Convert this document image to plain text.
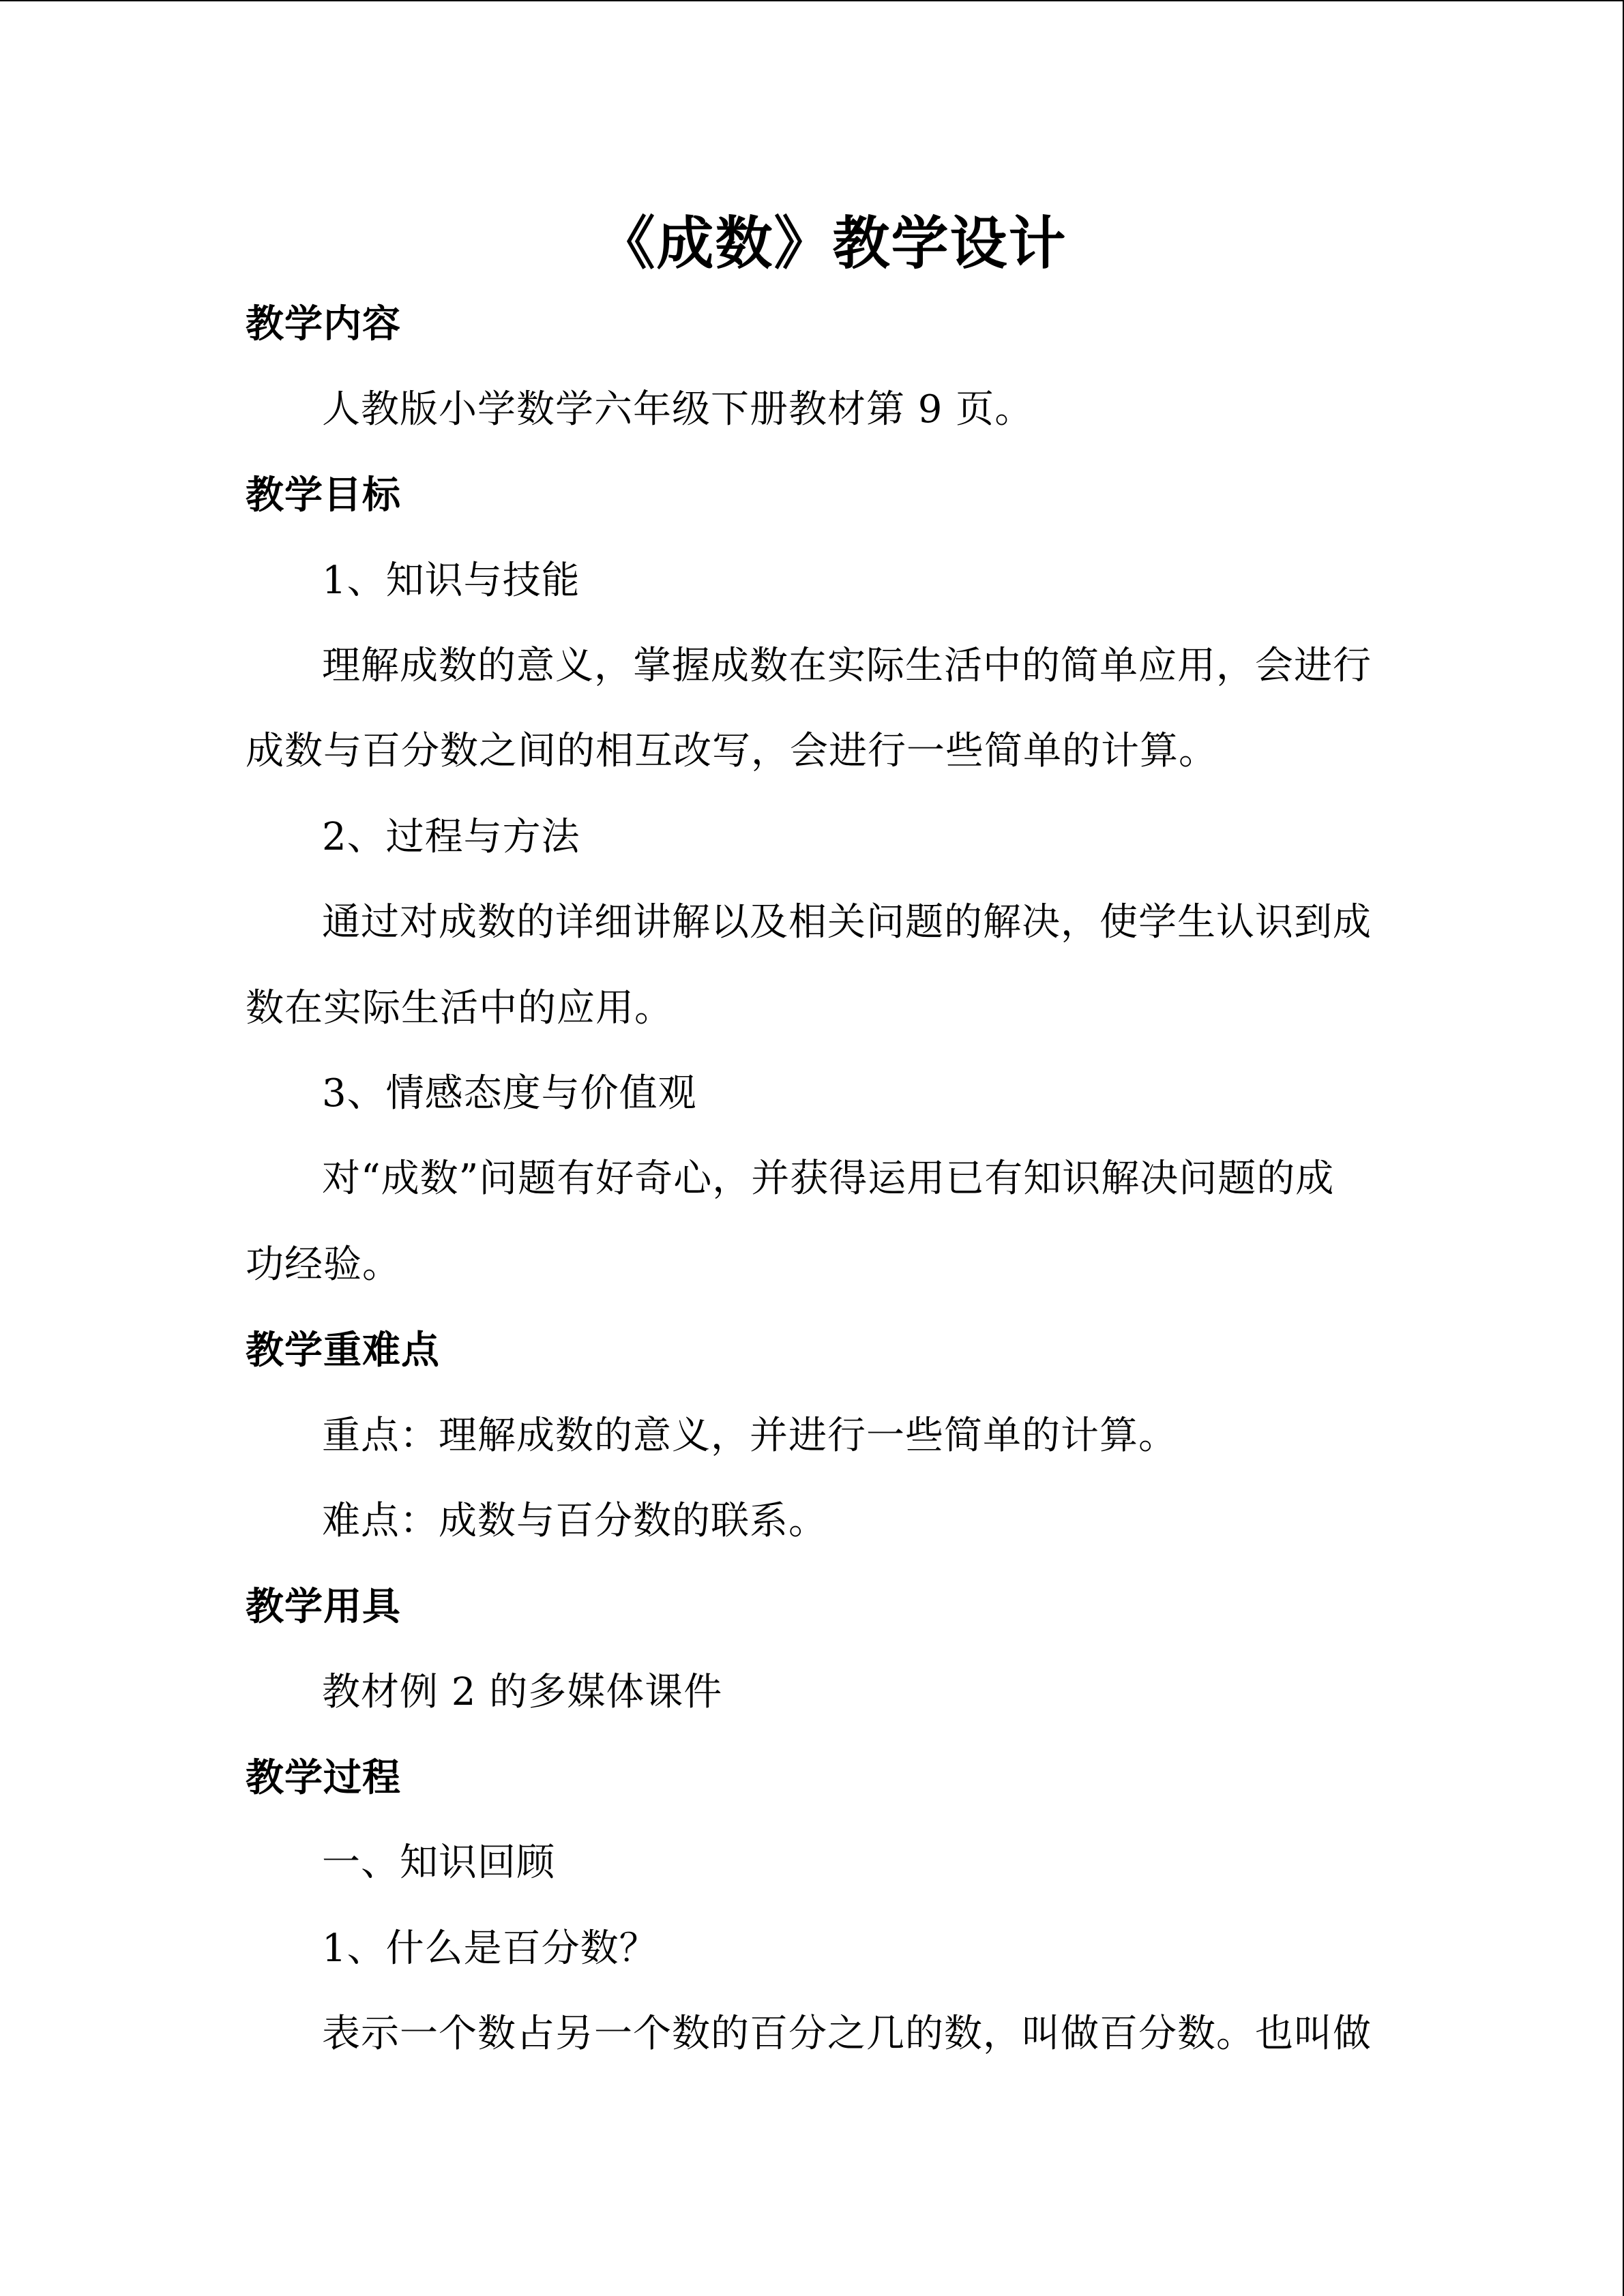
《成数》教学设计
教学内容
人教版小学数学六年级下册教材第 9 页。
教学目标
1、知识与技能
理解成数的意义，掌握成数在实际生活中的简单应用，会进行
成数与百分数之间的相互改写，会进行一些简单的计算。
2、过程与方法
通过对成数的详细讲解以及相关问题的解决，使学生认识到成
数在实际生活中的应用。
3、情感态度与价值观
对“成数”问题有好奇心，并获得运用已有知识解决问题的成
功经验。
教学重难点
重点：理解成数的意义，并进行一些简单的计算。
难点：成数与百分数的联系。
教学用具
教材例 2 的多媒体课件
教学过程
一、知识回顾
1、什么是百分数？
表示一个数占另一个数的百分之几的数，叫做百分数。也叫做
